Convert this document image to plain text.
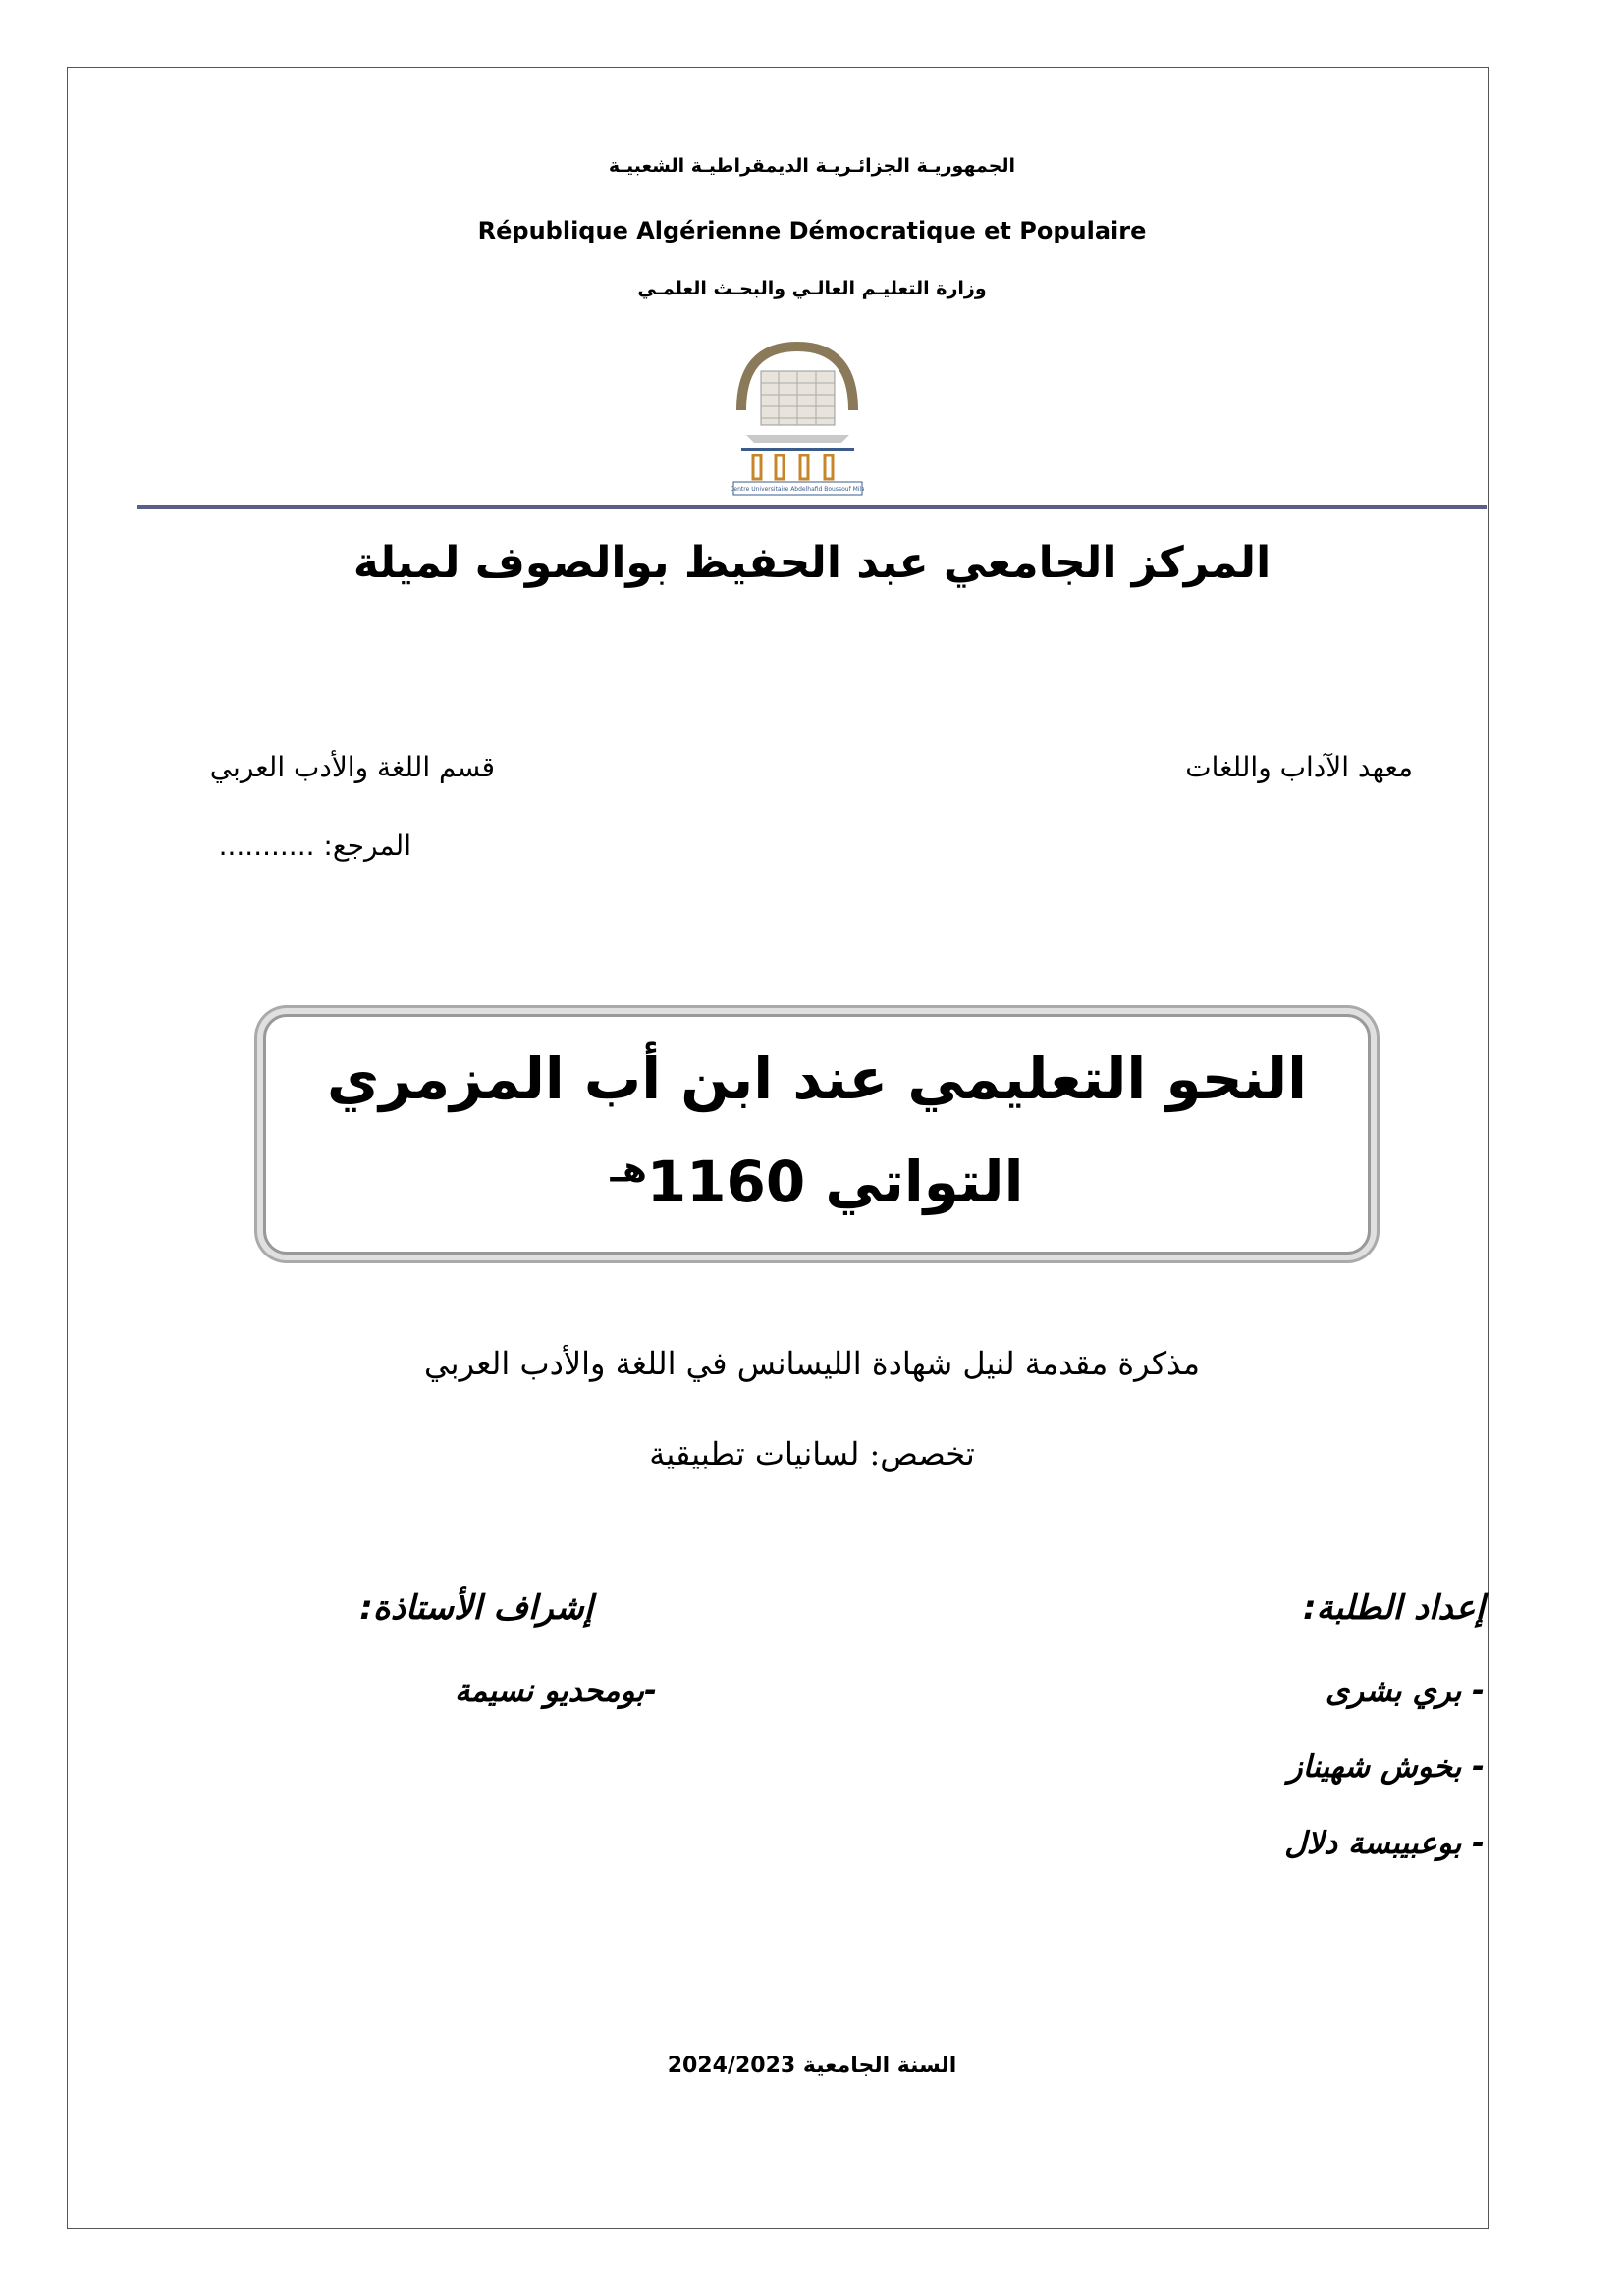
الجمهوريـة الجزائـريـة الديمقراطيـة الشعبيـة
République Algérienne Démocratique et Populaire
وزارة التعليـم العالـي والبحـث العلمـي
Centre Universitaire Abdelhafid Boussouf Mila
المركز الجامعي عبد الحفيظ بوالصوف لميلة
معهد الآداب واللغات
قسم اللغة والأدب العربي
المرجع: ...........
النحو التعليمي عند ابن أب المزمري
التواتي $1160^{هـ}$
مذكرة مقدمة لنيل شهادة الليسانس في اللغة والأدب العربي
تخصص: لسانيات تطبيقية
إعداد الطلبة:
إشراف الأستاذة:
- بري بشرى
- بخوش شهيناز
- بوعبيبسة دلال
-بومحديو نسيمة
السنة الجامعية 2024/2023
